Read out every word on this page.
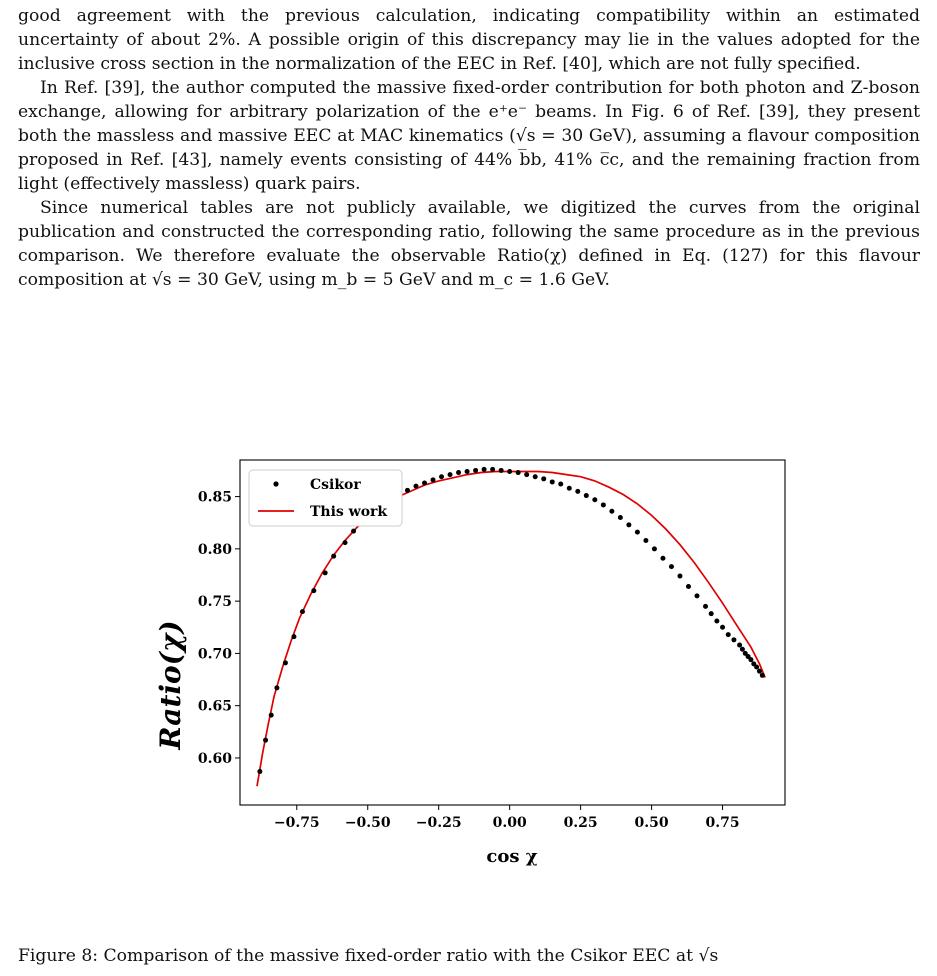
good agreement with the previous calculation, indicating compatibility within an estimated uncertainty of about 2%. A possible origin of this discrepancy may lie in the values adopted for the inclusive cross section in the normalization of the EEC in Ref. [40], which are not fully specified.

In Ref. [39], the author computed the massive fixed-order contribution for both photon and Z-boson exchange, allowing for arbitrary polarization of the e⁺e⁻ beams. In Fig. 6 of Ref. [39], they present both the massless and massive EEC at MAC kinematics (√s = 30 GeV), assuming a flavour composition proposed in Ref. [43], namely events consisting of 44% b̅b, 41% c̅c, and the remaining fraction from light (effectively massless) quark pairs.

Since numerical tables are not publicly available, we digitized the curves from the original publication and constructed the corresponding ratio, following the same procedure as in the previous comparison. We therefore evaluate the observable Ratio(χ) defined in Eq. (127) for this flavour composition at √s = 30 GeV, using m_b = 5 GeV and m_c = 1.6 GeV.

−0.75 −0.50 −0.25 0.00	0.25	0.50	0.75
0.60
0.65
0.70
0.75
0.80
0.85
Csikor
This work
cos χ
Ratio(χ)
Figure 8: Comparison of the massive fixed-order ratio with the Csikor EEC at √s
